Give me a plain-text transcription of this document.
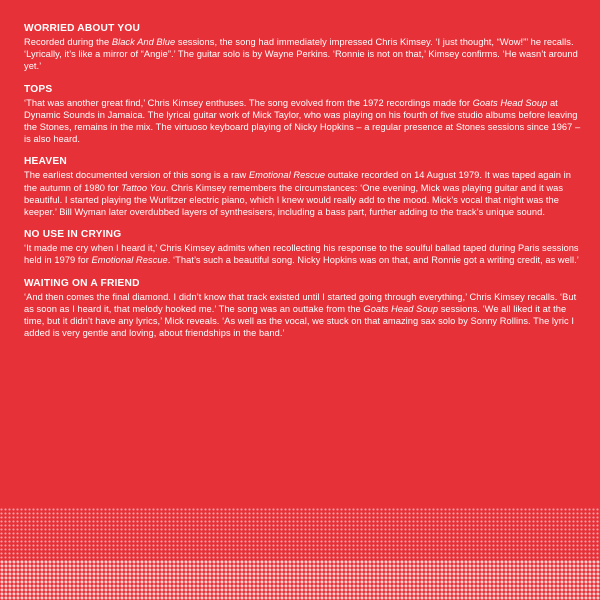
WORRIED ABOUT YOU

Recorded during the Black And Blue sessions, the song had immediately impressed Chris Kimsey. ‘I just thought, “Wow!”’ he recalls. ‘Lyrically, it’s like a mirror of “Angie”.’ The guitar solo is by Wayne Perkins. ‘Ronnie is not on that,’ Kimsey confirms. ‘He wasn’t around yet.’

TOPS

‘That was another great find,’ Chris Kimsey enthuses. The song evolved from the 1972 recordings made for Goats Head Soup at Dynamic Sounds in Jamaica. The lyrical guitar work of Mick Taylor, who was playing on his fourth of five studio albums before leaving the Stones, remains in the mix. The virtuoso keyboard playing of Nicky Hopkins – a regular presence at Stones sessions since 1967 – is also heard.

HEAVEN

The earliest documented version of this song is a raw Emotional Rescue outtake recorded on 14 August 1979. It was taped again in the autumn of 1980 for Tattoo You. Chris Kimsey remembers the circumstances: ‘One evening, Mick was playing guitar and it was beautiful. I started playing the Wurlitzer electric piano, which I knew would really add to the mood. Mick’s vocal that night was the keeper.’ Bill Wyman later overdubbed layers of synthesisers, including a bass part, further adding to the track’s unique sound.

NO USE IN CRYING

‘It made me cry when I heard it,’ Chris Kimsey admits when recollecting his response to the soulful ballad taped during Paris sessions held in 1979 for Emotional Rescue. ‘That’s such a beautiful song. Nicky Hopkins was on that, and Ronnie got a writing credit, as well.’

WAITING ON A FRIEND

‘And then comes the final diamond. I didn’t know that track existed until I started going through everything,’ Chris Kimsey recalls. ‘But as soon as I heard it, that melody hooked me.’ The song was an outtake from the Goats Head Soup sessions. ‘We all liked it at the time, but it didn’t have any lyrics,’ Mick reveals. ‘As well as the vocal, we stuck on that amazing sax solo by Sonny Rollins. The lyric I added is very gentle and loving, about friendships in the band.’
